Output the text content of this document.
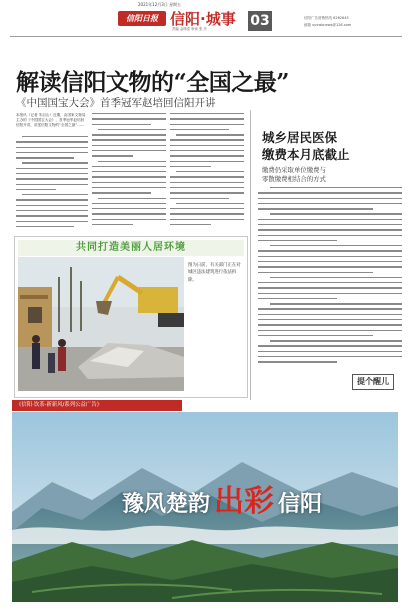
2021年12月3日 星期五
信阳日报 信阳·城事
责编 金珠泰 审读 张 杰	03	信阳广告营销热线 6262645
邮箱 xyxwbnews@126.com
解读信阳文物的“全国之最”
《中国国宝大会》首季冠军赵培回信阳开讲
本报讯（记者 朱启山）近期，由国家文物局主办的《中国国宝大会》，首季冠军赵培回信阳开讲，讲述信阳文物的“全国之最”……
城乡居民医保
缴费本月底截止
缴费仍采取单位缴费与
零散缴费相结合的方式
共同打造美丽人居环境
图为日前，有关部门正在对城区违法建筑进行依法拆除。
提个醒儿
《信阳·饮茶·新新风/系列公益广告》
豫风楚韵 出彩 信阳
